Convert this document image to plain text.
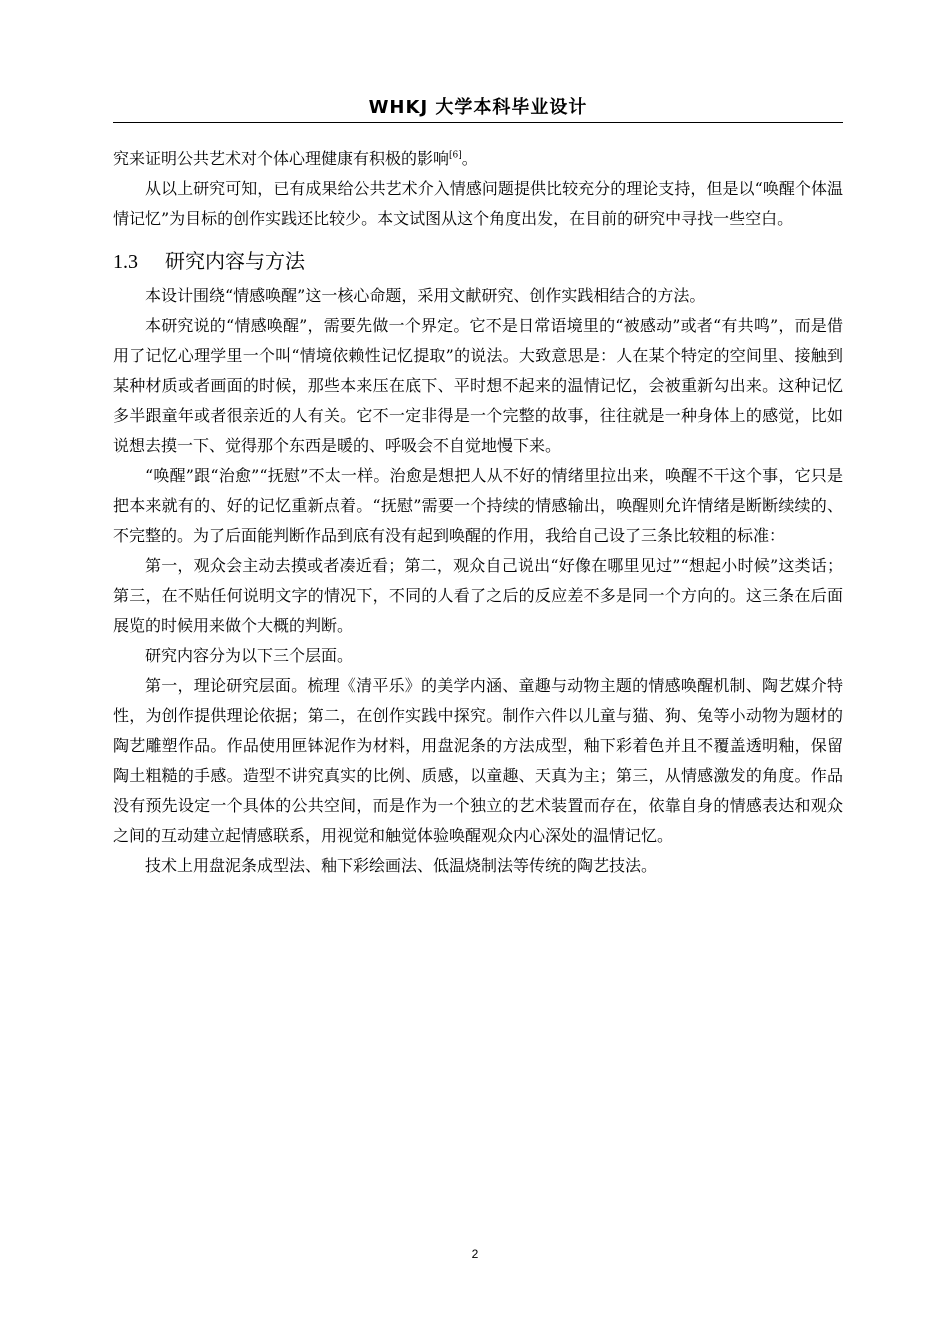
WHKJ 大学本科毕业设计

究来证明公共艺术对个体心理健康有积极的影响[6]。

从以上研究可知，已有成果给公共艺术介入情感问题提供比较充分的理论支持，但是以“唤醒个体温情记忆”为目标的创作实践还比较少。本文试图从这个角度出发，在目前的研究中寻找一些空白。

1.3 研究内容与方法

本设计围绕“情感唤醒”这一核心命题，采用文献研究、创作实践相结合的方法。

本研究说的“情感唤醒”，需要先做一个界定。它不是日常语境里的“被感动”或者“有共鸣”，而是借用了记忆心理学里一个叫“情境依赖性记忆提取”的说法。大致意思是：人在某个特定的空间里、接触到某种材质或者画面的时候，那些本来压在底下、平时想不起来的温情记忆，会被重新勾出来。这种记忆多半跟童年或者很亲近的人有关。它不一定非得是一个完整的故事，往往就是一种身体上的感觉，比如说想去摸一下、觉得那个东西是暖的、呼吸会不自觉地慢下来。

“唤醒”跟“治愈”“抚慰”不太一样。治愈是想把人从不好的情绪里拉出来，唤醒不干这个事，它只是把本来就有的、好的记忆重新点着。“抚慰”需要一个持续的情感输出，唤醒则允许情绪是断断续续的、不完整的。为了后面能判断作品到底有没有起到唤醒的作用，我给自己设了三条比较粗的标准：

第一，观众会主动去摸或者凑近看；第二，观众自己说出“好像在哪里见过”“想起小时候”这类话；第三，在不贴任何说明文字的情况下，不同的人看了之后的反应差不多是同一个方向的。这三条在后面展览的时候用来做个大概的判断。

研究内容分为以下三个层面。

第一，理论研究层面。梳理《清平乐》的美学内涵、童趣与动物主题的情感唤醒机制、陶艺媒介特性，为创作提供理论依据；第二，在创作实践中探究。制作六件以儿童与猫、狗、兔等小动物为题材的陶艺雕塑作品。作品使用匣钵泥作为材料，用盘泥条的方法成型，釉下彩着色并且不覆盖透明釉，保留陶土粗糙的手感。造型不讲究真实的比例、质感，以童趣、天真为主；第三，从情感激发的角度。作品没有预先设定一个具体的公共空间，而是作为一个独立的艺术装置而存在，依靠自身的情感表达和观众之间的互动建立起情感联系，用视觉和触觉体验唤醒观众内心深处的温情记忆。

技术上用盘泥条成型法、釉下彩绘画法、低温烧制法等传统的陶艺技法。

2
